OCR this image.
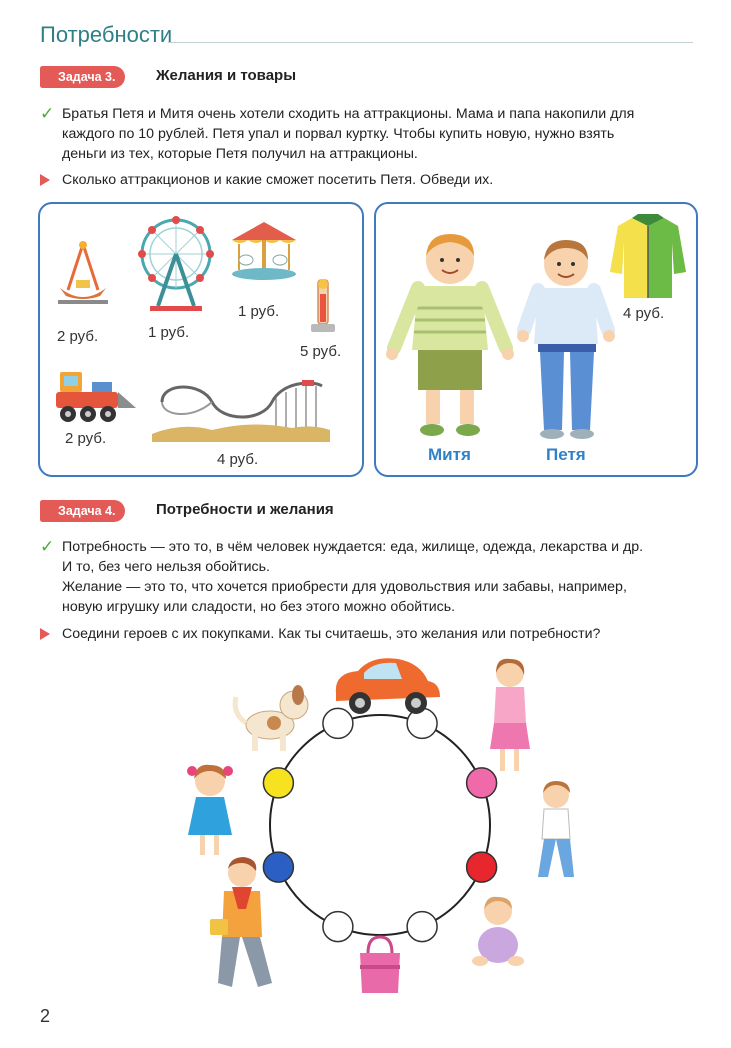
Потребности
Задача 3.	Желания и товары
✓ Братья Петя и Митя очень хотели сходить на аттракционы. Мама и папа накопили для
каждого по 10 рублей. Петя упал и порвал куртку. Чтобы купить новую, нужно взять
деньги из тех, которые Петя получил на аттракционы.
Сколько аттракционов и какие сможет посетить Петя. Обведи их.
2 руб.	1 руб.
1 руб.
5 руб.
2 руб.
4 руб.	Митя	Петя
4 руб.
Задача 4.	Потребности и желания
✓ Потребность — это то, в чём человек нуждается: еда, жилище, одежда, лекарства и др.
И то, без чего нельзя обойтись.
Желание — это то, что хочется приобрести для удовольствия или забавы, например,
новую игрушку или сладости, но без этого можно обойтись.
Соедини героев с их покупками. Как ты считаешь, это желания или потребности?
2
